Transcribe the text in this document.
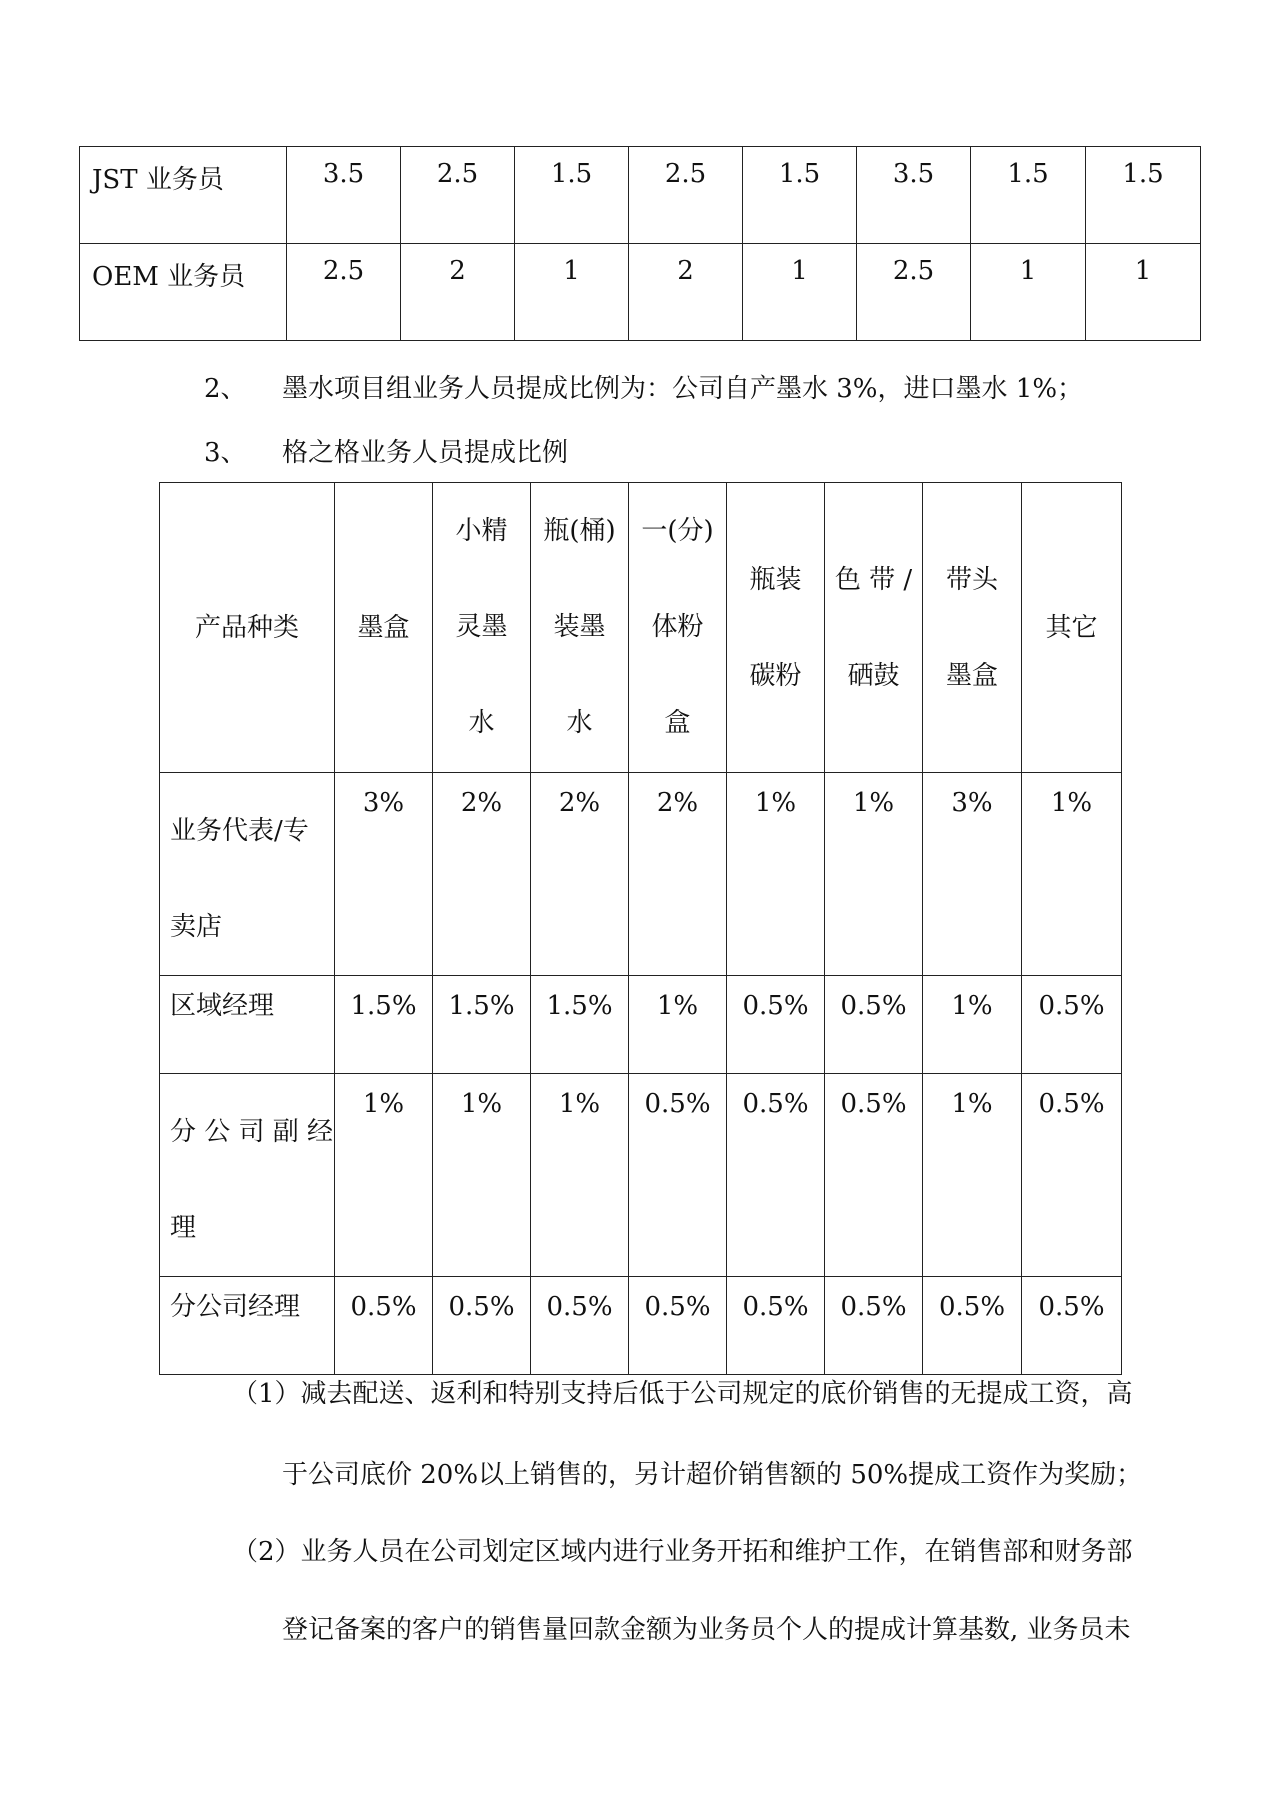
JST 业务员	3.5	2.5	1.5	2.5	1.5	3.5	1.5	1.5
OEM 业务员	2.5	2	1	2	1	2.5	1	1
2、 墨水项目组业务人员提成比例为：公司自产墨水 3%，进口墨水 1%；
3、 格之格业务人员提成比例
产品种类	墨盒	小精
灵墨
水	瓶(桶)
装墨
水	一(分)
体粉
盒	瓶装
碳粉	色 带 /
硒鼓	带头
墨盒	其它

业务代表/专
卖店	3%	2%	2%	2%	1%	1%	3%	1%

区域经理	1.5%	1.5%	1.5%	1%	0.5%	0.5%	1%	0.5%

分 公 司 副 经
理	1%	1%	1%	0.5%	0.5%	0.5%	1%	0.5%

分公司经理	0.5%	0.5%	0.5%	0.5%	0.5%	0.5%	0.5%	0.5%
（1）减去配送、返利和特别支持后低于公司规定的底价销售的无提成工资，高
于公司底价 20%以上销售的，另计超价销售额的 50%提成工资作为奖励；
（2）业务人员在公司划定区域内进行业务开拓和维护工作，在销售部和财务部
登记备案的客户的销售量回款金额为业务员个人的提成计算基数, 业务员未
